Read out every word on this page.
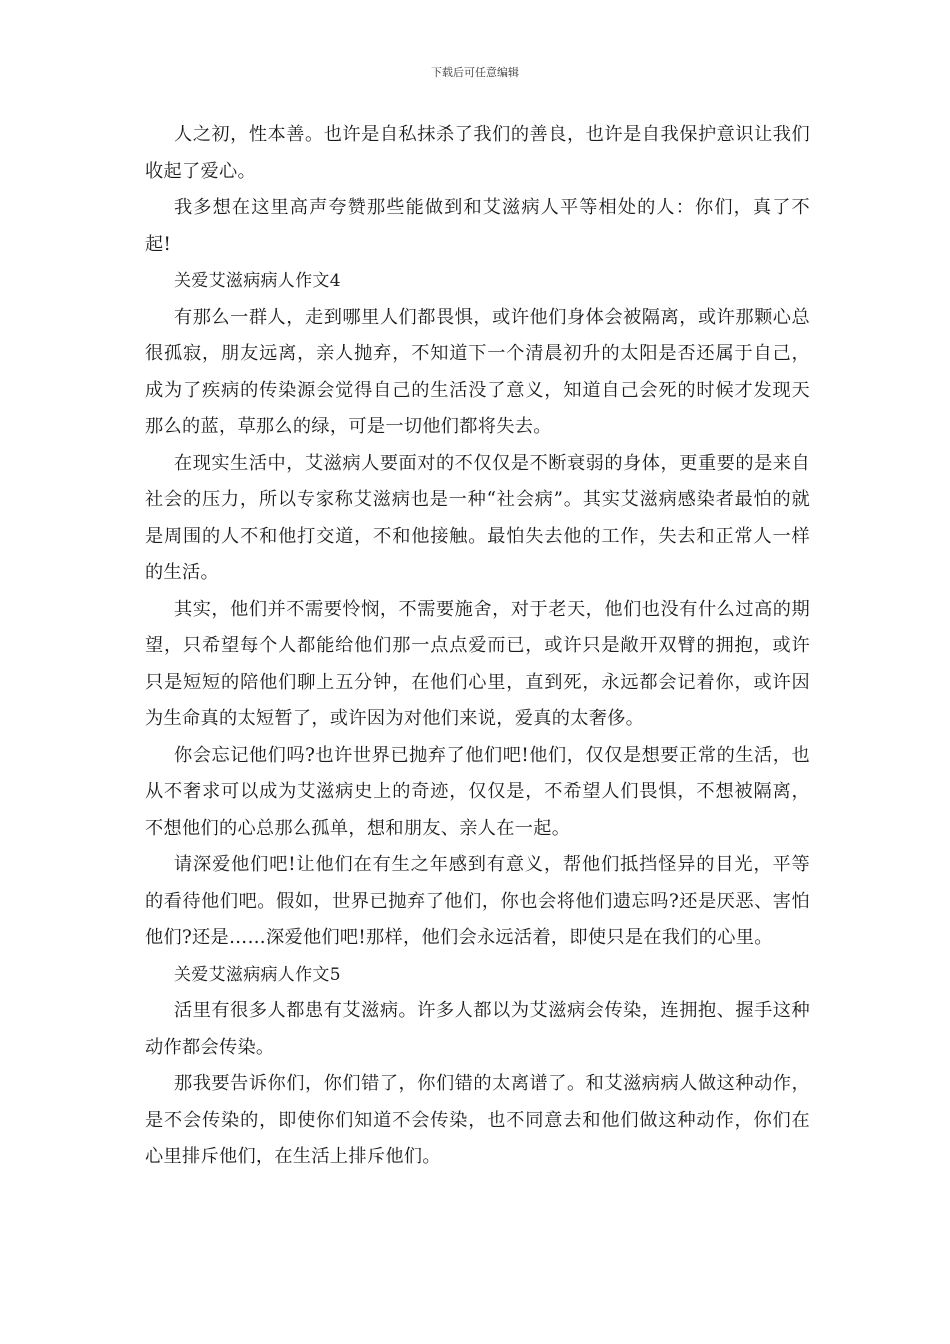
下载后可任意编辑

人之初，性本善。也许是自私抹杀了我们的善良，也许是自我保护意识让我们收起了爱心。

我多想在这里高声夸赞那些能做到和艾滋病人平等相处的人：你们，真了不起!

关爱艾滋病病人作文4

有那么一群人，走到哪里人们都畏惧，或许他们身体会被隔离，或许那颗心总很孤寂，朋友远离，亲人抛弃，不知道下一个清晨初升的太阳是否还属于自己，成为了疾病的传染源会觉得自己的生活没了意义，知道自己会死的时候才发现天那么的蓝，草那么的绿，可是一切他们都将失去。

在现实生活中，艾滋病人要面对的不仅仅是不断衰弱的身体，更重要的是来自社会的压力，所以专家称艾滋病也是一种“社会病”。其实艾滋病感染者最怕的就是周围的人不和他打交道，不和他接触。最怕失去他的工作，失去和正常人一样的生活。

其实，他们并不需要怜悯，不需要施舍，对于老天，他们也没有什么过高的期望，只希望每个人都能给他们那一点点爱而已，或许只是敞开双臂的拥抱，或许只是短短的陪他们聊上五分钟，在他们心里，直到死，永远都会记着你，或许因为生命真的太短暂了，或许因为对他们来说，爱真的太奢侈。

你会忘记他们吗?也许世界已抛弃了他们吧!他们，仅仅是想要正常的生活，也从不奢求可以成为艾滋病史上的奇迹，仅仅是，不希望人们畏惧，不想被隔离，不想他们的心总那么孤单，想和朋友、亲人在一起。

请深爱他们吧!让他们在有生之年感到有意义，帮他们抵挡怪异的目光，平等的看待他们吧。假如，世界已抛弃了他们，你也会将他们遗忘吗?还是厌恶、害怕他们?还是……深爱他们吧!那样，他们会永远活着，即使只是在我们的心里。

关爱艾滋病病人作文5

活里有很多人都患有艾滋病。许多人都以为艾滋病会传染，连拥抱、握手这种动作都会传染。

那我要告诉你们，你们错了，你们错的太离谱了。和艾滋病病人做这种动作，是不会传染的，即使你们知道不会传染，也不同意去和他们做这种动作，你们在心里排斥他们，在生活上排斥他们。
